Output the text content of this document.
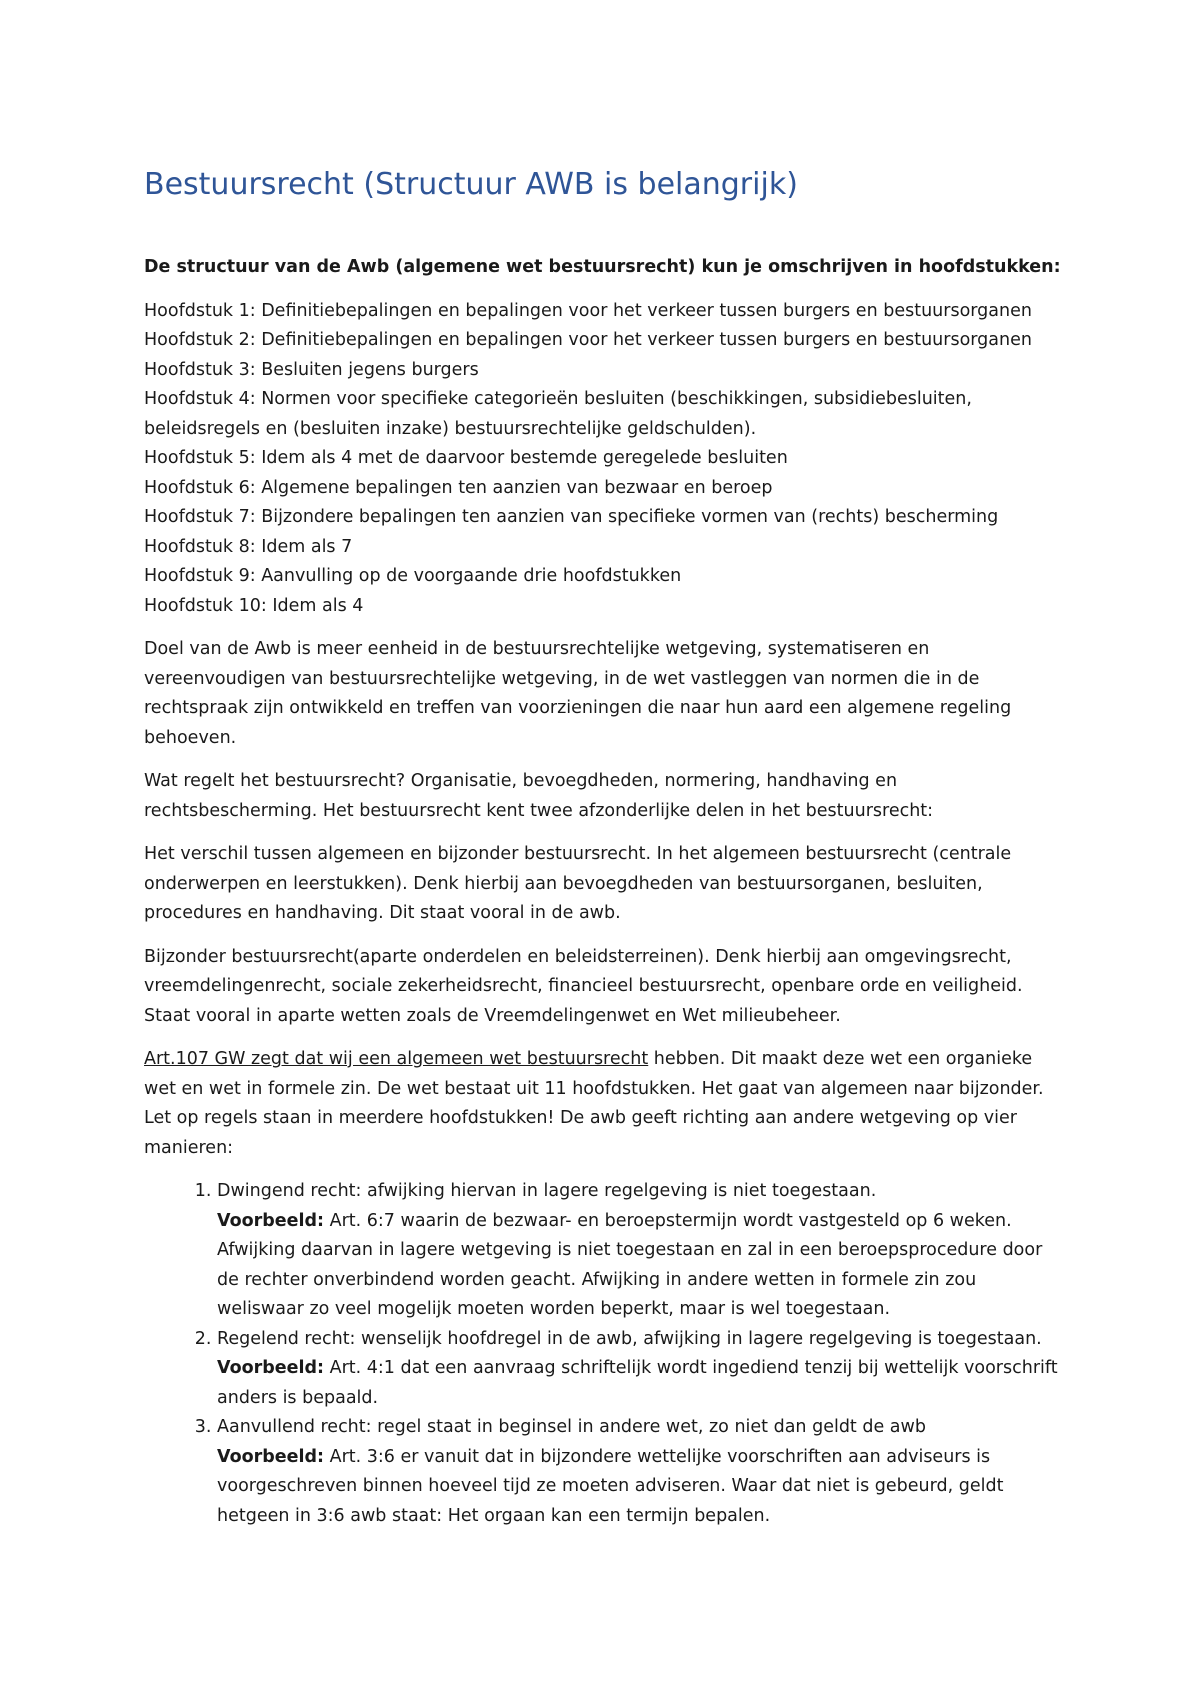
Bestuursrecht (Structuur AWB is belangrijk)

De structuur van de Awb (algemene wet bestuursrecht) kun je omschrijven in hoofdstukken:

Hoofdstuk 1: Definitiebepalingen en bepalingen voor het verkeer tussen burgers en bestuursorganen
Hoofdstuk 2: Definitiebepalingen en bepalingen voor het verkeer tussen burgers en bestuursorganen
Hoofdstuk 3: Besluiten jegens burgers
Hoofdstuk 4: Normen voor specifieke categorieën besluiten (beschikkingen, subsidiebesluiten, beleidsregels en (besluiten inzake) bestuursrechtelijke geldschulden).
Hoofdstuk 5: Idem als 4 met de daarvoor bestemde geregelede besluiten
Hoofdstuk 6: Algemene bepalingen ten aanzien van bezwaar en beroep
Hoofdstuk 7: Bijzondere bepalingen ten aanzien van specifieke vormen van (rechts) bescherming
Hoofdstuk 8: Idem als 7
Hoofdstuk 9: Aanvulling op de voorgaande drie hoofdstukken
Hoofdstuk 10: Idem als 4

Doel van de Awb is meer eenheid in de bestuursrechtelijke wetgeving, systematiseren en vereenvoudigen van bestuursrechtelijke wetgeving, in de wet vastleggen van normen die in de rechtspraak zijn ontwikkeld en treffen van voorzieningen die naar hun aard een algemene regeling behoeven.

Wat regelt het bestuursrecht? Organisatie, bevoegdheden, normering, handhaving en rechtsbescherming. Het bestuursrecht kent twee afzonderlijke delen in het bestuursrecht:

Het verschil tussen algemeen en bijzonder bestuursrecht. In het algemeen bestuursrecht (centrale onderwerpen en leerstukken). Denk hierbij aan bevoegdheden van bestuursorganen, besluiten, procedures en handhaving. Dit staat vooral in de awb.

Bijzonder bestuursrecht(aparte onderdelen en beleidsterreinen). Denk hierbij aan omgevingsrecht, vreemdelingenrecht, sociale zekerheidsrecht, financieel bestuursrecht, openbare orde en veiligheid. Staat vooral in aparte wetten zoals de Vreemdelingenwet en Wet milieubeheer.

Art.107 GW zegt dat wij een algemeen wet bestuursrecht hebben. Dit maakt deze wet een organieke wet en wet in formele zin. De wet bestaat uit 11 hoofdstukken. Het gaat van algemeen naar bijzonder. Let op regels staan in meerdere hoofdstukken! De awb geeft richting aan andere wetgeving op vier manieren:

1. Dwingend recht: afwijking hiervan in lagere regelgeving is niet toegestaan.
Voorbeeld: Art. 6:7 waarin de bezwaar- en beroepstermijn wordt vastgesteld op 6 weken. Afwijking daarvan in lagere wetgeving is niet toegestaan en zal in een beroepsprocedure door de rechter onverbindend worden geacht. Afwijking in andere wetten in formele zin zou weliswaar zo veel mogelijk moeten worden beperkt, maar is wel toegestaan.
2. Regelend recht: wenselijk hoofdregel in de awb, afwijking in lagere regelgeving is toegestaan.
Voorbeeld: Art. 4:1 dat een aanvraag schriftelijk wordt ingediend tenzij bij wettelijk voorschrift anders is bepaald.
3. Aanvullend recht: regel staat in beginsel in andere wet, zo niet dan geldt de awb
Voorbeeld: Art. 3:6 er vanuit dat in bijzondere wettelijke voorschriften aan adviseurs is voorgeschreven binnen hoeveel tijd ze moeten adviseren. Waar dat niet is gebeurd, geldt hetgeen in 3:6 awb staat: Het orgaan kan een termijn bepalen.
